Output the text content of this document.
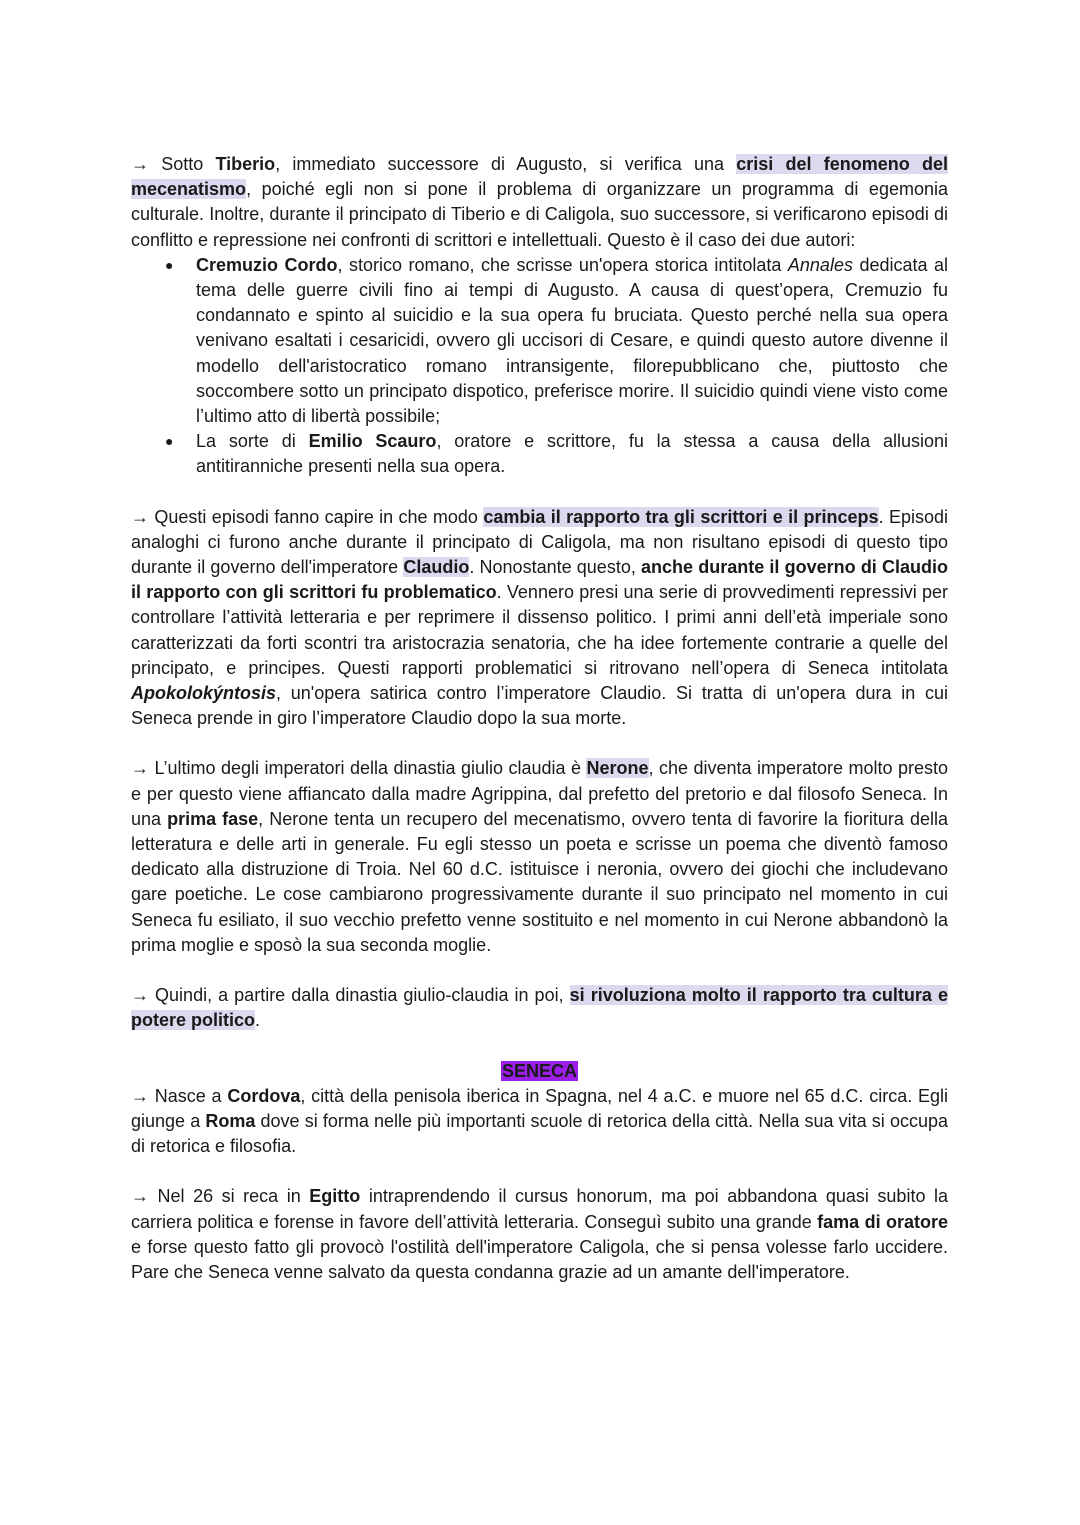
→ Sotto Tiberio, immediato successore di Augusto, si verifica una crisi del fenomeno del mecenatismo, poiché egli non si pone il problema di organizzare un programma di egemonia culturale. Inoltre, durante il principato di Tiberio e di Caligola, suo successore, si verificarono episodi di conflitto e repressione nei confronti di scrittori e intellettuali. Questo è il caso dei due autori:

● Cremuzio Cordo, storico romano, che scrisse un'opera storica intitolata Annales dedicata al tema delle guerre civili fino ai tempi di Augusto. A causa di quest’opera, Cremuzio fu condannato e spinto al suicidio e la sua opera fu bruciata. Questo perché nella sua opera venivano esaltati i cesaricidi, ovvero gli uccisori di Cesare, e quindi questo autore divenne il modello dell'aristocratico romano intransigente, filorepubblicano che, piuttosto che soccombere sotto un principato dispotico, preferisce morire. Il suicidio quindi viene visto come l’ultimo atto di libertà possibile;
● La sorte di Emilio Scauro, oratore e scrittore, fu la stessa a causa della allusioni antitiranniche presenti nella sua opera.

→ Questi episodi fanno capire in che modo cambia il rapporto tra gli scrittori e il princeps. Episodi analoghi ci furono anche durante il principato di Caligola, ma non risultano episodi di questo tipo durante il governo dell'imperatore Claudio. Nonostante questo, anche durante il governo di Claudio il rapporto con gli scrittori fu problematico. Vennero presi una serie di provvedimenti repressivi per controllare l’attività letteraria e per reprimere il dissenso politico. I primi anni dell’età imperiale sono caratterizzati da forti scontri tra aristocrazia senatoria, che ha idee fortemente contrarie a quelle del principato, e principes. Questi rapporti problematici si ritrovano nell’opera di Seneca intitolata Apokolokýntosis, un'opera satirica contro l’imperatore Claudio. Si tratta di un'opera dura in cui Seneca prende in giro l’imperatore Claudio dopo la sua morte.

→ L’ultimo degli imperatori della dinastia giulio claudia è Nerone, che diventa imperatore molto presto e per questo viene affiancato dalla madre Agrippina, dal prefetto del pretorio e dal filosofo Seneca. In una prima fase, Nerone tenta un recupero del mecenatismo, ovvero tenta di favorire la fioritura della letteratura e delle arti in generale. Fu egli stesso un poeta e scrisse un poema che diventò famoso dedicato alla distruzione di Troia. Nel 60 d.C. istituisce i neronia, ovvero dei giochi che includevano gare poetiche. Le cose cambiarono progressivamente durante il suo principato nel momento in cui Seneca fu esiliato, il suo vecchio prefetto venne sostituito e nel momento in cui Nerone abbandonò la prima moglie e sposò la sua seconda moglie.

→ Quindi, a partire dalla dinastia giulio-claudia in poi, si rivoluziona molto il rapporto tra cultura e potere politico.

SENECA

→ Nasce a Cordova, città della penisola iberica in Spagna, nel 4 a.C. e muore nel 65 d.C. circa. Egli giunge a Roma dove si forma nelle più importanti scuole di retorica della città. Nella sua vita si occupa di retorica e filosofia.

→ Nel 26 si reca in Egitto intraprendendo il cursus honorum, ma poi abbandona quasi subito la carriera politica e forense in favore dell’attività letteraria. Conseguì subito una grande fama di oratore e forse questo fatto gli provocò l'ostilità dell'imperatore Caligola, che si pensa volesse farlo uccidere. Pare che Seneca venne salvato da questa condanna grazie ad un amante dell'imperatore.
